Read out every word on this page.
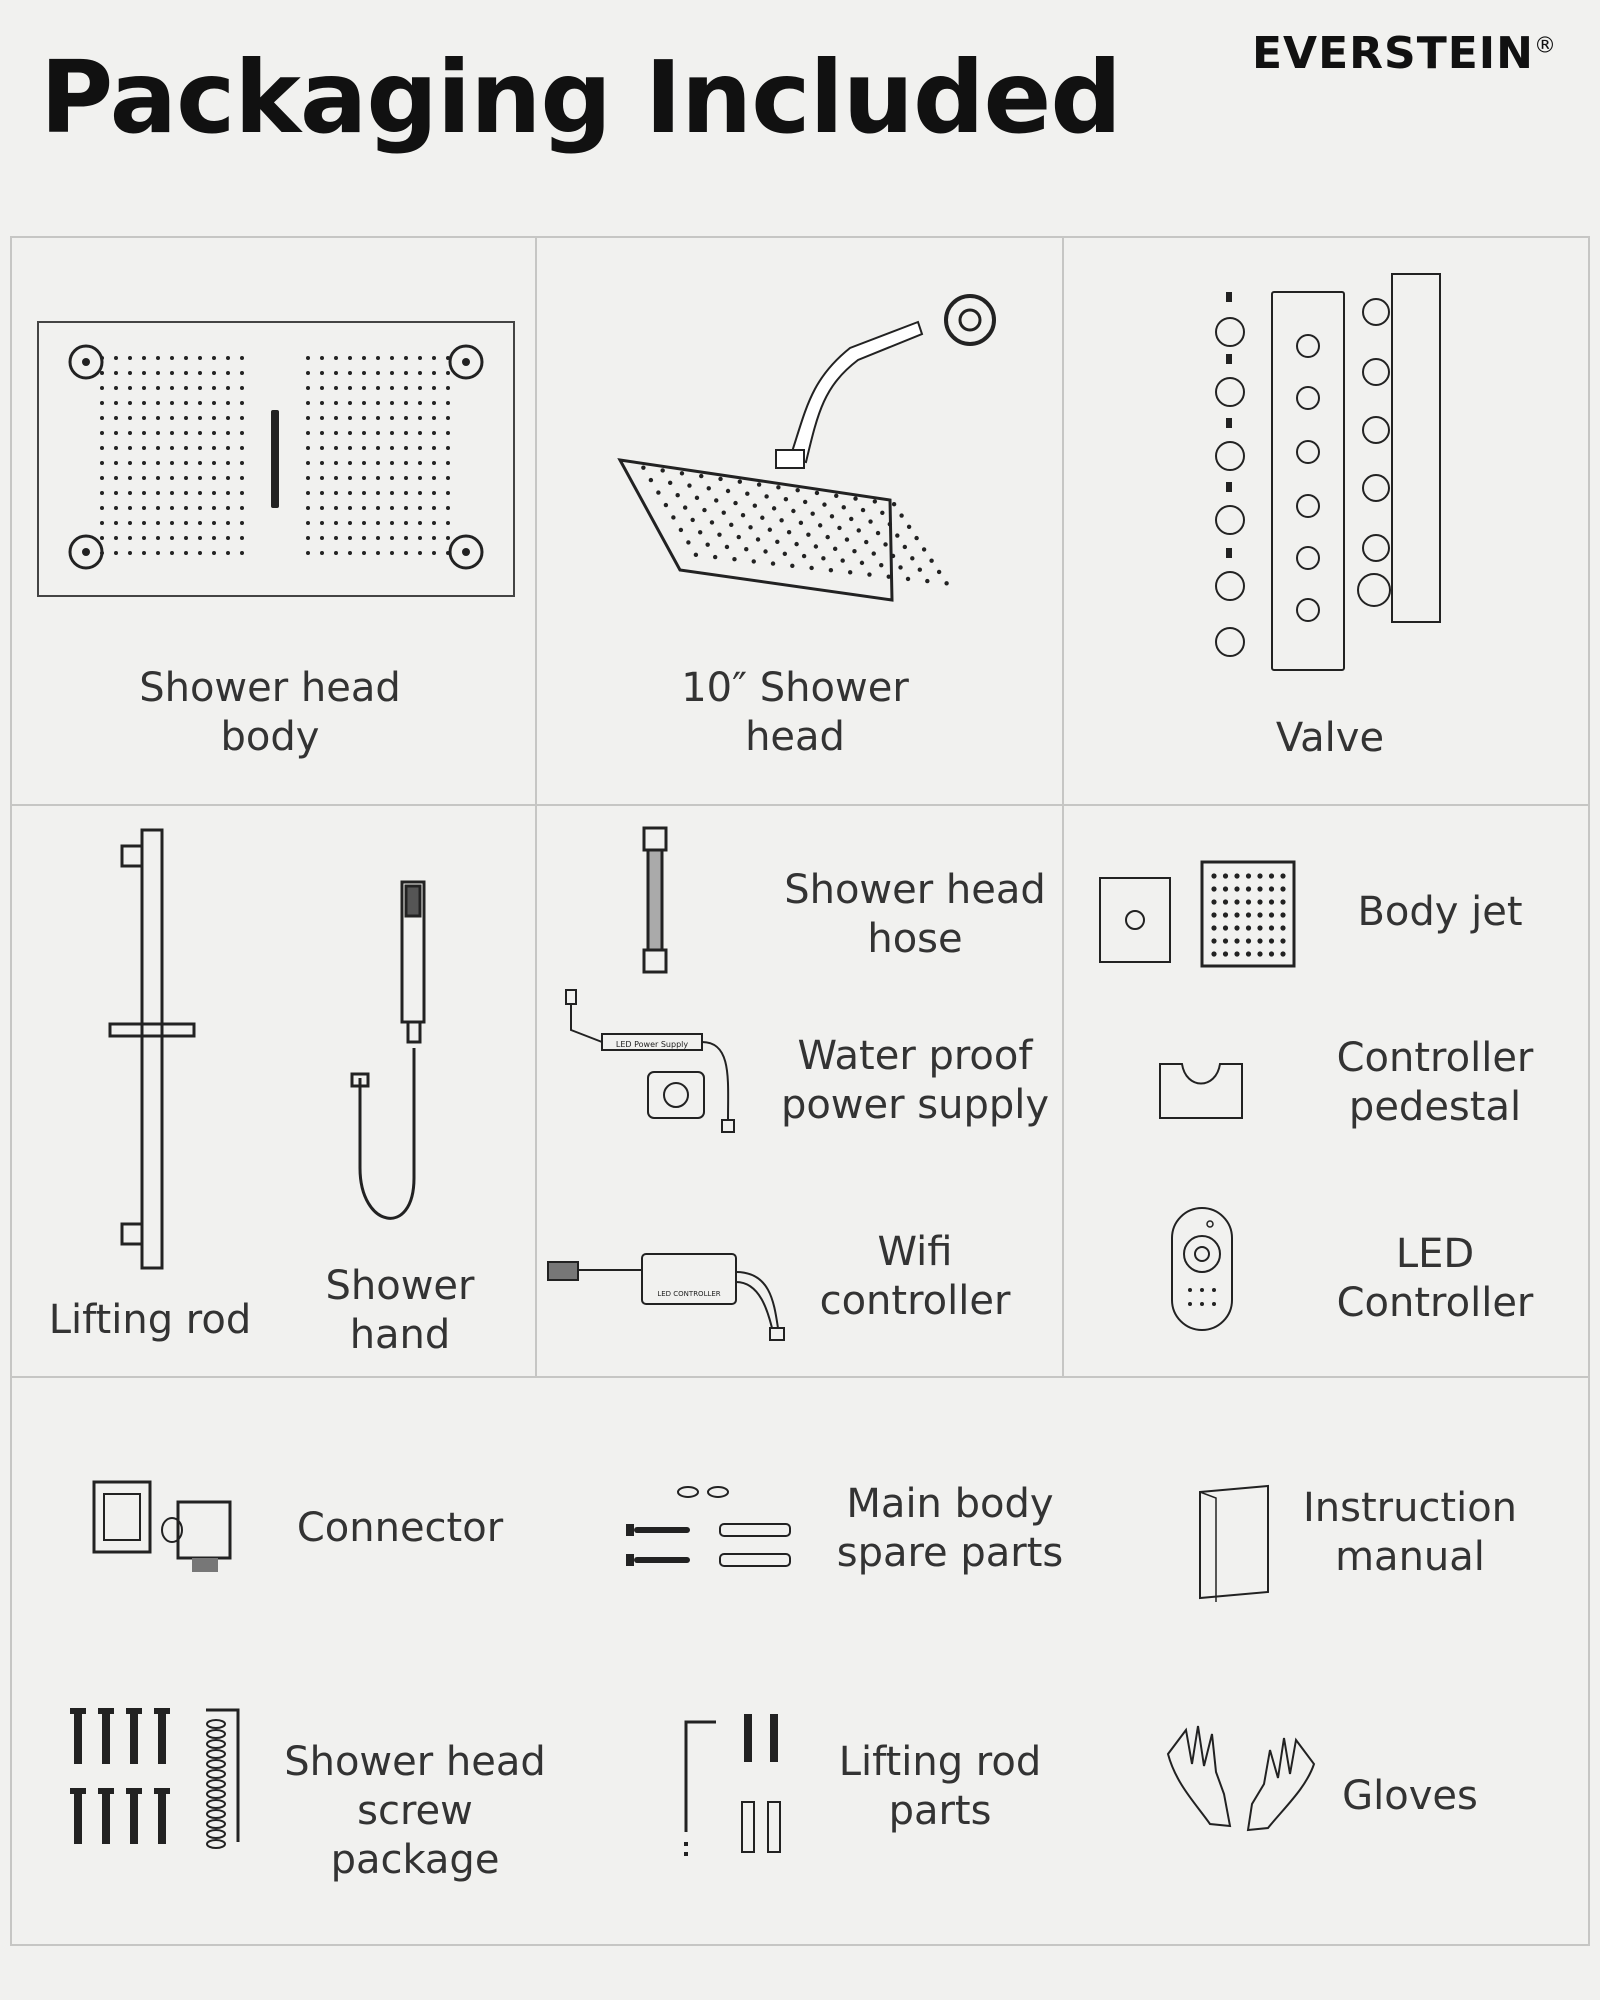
Packaging Included	EVERSTEIN®
Shower head
body
10″ Shower
head	Valve
Lifting rod
Shower
hand
Shower head
hose
LED Power Supply	Water proof
power supply
LED CONTROLLER
Wifi
controller
Body jet
Controller
pedestal
LED
Controller
Connector
Main body
spare parts
Instruction
manual
Shower head
screw package
Lifting rod
parts	Gloves
